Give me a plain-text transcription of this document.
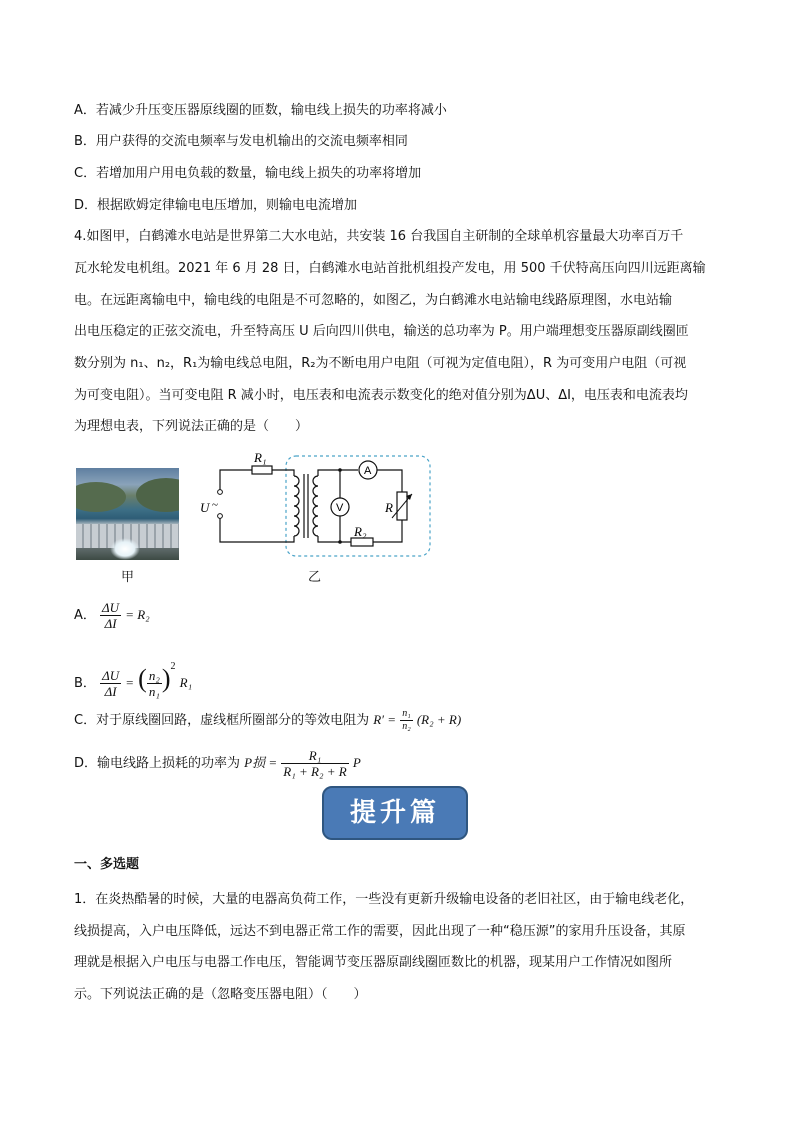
A．若减少升压变压器原线圈的匝数，输电线上损失的功率将减小
B．用户获得的交流电频率与发电机输出的交流电频率相同
C．若增加用户用电负载的数量，输电线上损失的功率将增加
D．根据欧姆定律输电电压增加，则输电电流增加
4.如图甲，白鹤滩水电站是世界第二大水电站，共安装 16 台我国自主研制的全球单机容量最大功率百万千
瓦水轮发电机组。2021 年 6 月 28 日，白鹤滩水电站首批机组投产发电，用 500 千伏特高压向四川远距离输
电。在远距离输电中，输电线的电阻是不可忽略的，如图乙，为白鹤滩水电站输电线路原理图，水电站输
出电压稳定的正弦交流电，升至特高压 U 后向四川供电，输送的总功率为 P。用户端理想变压器原副线圈匝
数分别为 n₁、n₂，R₁为输电线总电阻，R₂为不断电用户电阻（可视为定值电阻），R 为可变用户电阻（可视
为可变电阻）。当可变电阻 R 减小时，电压表和电流表示数变化的绝对值分别为ΔU、ΔI，电压表和电流表均
为理想电表，下列说法正确的是（　　）
甲
R₁
R₂
R
U ~
A
V
乙
A． $\frac{\Delta U}{\Delta I} = R_2$
B． $\frac{\Delta U}{\Delta I}$ = ( $\frac{\text{n₂}}{\text{n₁}} )^2$ R₁
C．对于原线圈回路，虚线框所圈部分的等效电阻为 $R' = \frac{\text{n₁}}{\text{n₂}} (R_2 + R)$
D．输电线路上损耗的功率为 P损 = $\frac{\text{R₁}}{\text{R₁ + R₂ + R}}$ P
提升篇
一、多选题
1．在炎热酷暑的时候，大量的电器高负荷工作，一些没有更新升级输电设备的老旧社区，由于输电线老化，
线损提高，入户电压降低，远达不到电器正常工作的需要，因此出现了一种“稳压源”的家用升压设备，其原
理就是根据入户电压与电器工作电压，智能调节变压器原副线圈匝数比的机器，现某用户工作情况如图所
示。下列说法正确的是（忽略变压器电阻）（　　）
